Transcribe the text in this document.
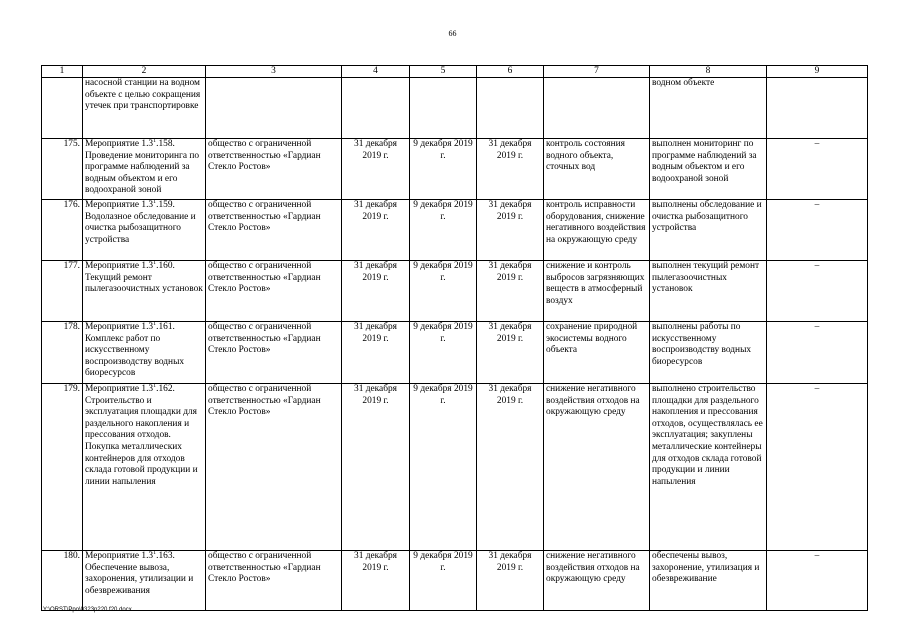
66
1	2	3	4	5	6	7	8	9
	насосной станции на водном объекте с целью сокращения утечек при транспортировке						водном объекте	
175.	Мероприятие $1.3^1.158$. Проведение мониторинга по программе наблюдений за водным объектом и его водоохраной зоной	общество с ограниченной ответственностью «Гардиан Стекло Ростов»	31 декабря 2019 г.	9 декабря 2019 г.	31 декабря 2019 г.	контроль состояния водного объекта, сточных вод	выполнен мониторинг по программе наблюдений за водным объектом и его водоохраной зоной	–
176.	Мероприятие $1.3^1.159$. Водолазное обследование и очистка рыбозащитного устройства	общество с ограниченной ответственностью «Гардиан Стекло Ростов»	31 декабря 2019 г.	9 декабря 2019 г.	31 декабря 2019 г.	контроль исправности оборудования, снижение негативного воздействия на окружающую среду	выполнены обследование и очистка рыбозащитного устройства	–
177.	Мероприятие $1.3^1.160$. Текущий ремонт пылегазоочистных установок	общество с ограниченной ответственностью «Гардиан Стекло Ростов»	31 декабря 2019 г.	9 декабря 2019 г.	31 декабря 2019 г.	снижение и контроль выбросов загрязняющих веществ в атмосферный воздух	выполнен текущий ремонт пылегазоочистных установок	–
178.	Мероприятие $1.3^1.161$. Комплекс работ по искусственному воспроизводству водных биоресурсов	общество с ограниченной ответственностью «Гардиан Стекло Ростов»	31 декабря 2019 г.	9 декабря 2019 г.	31 декабря 2019 г.	сохранение природной экосистемы водного объекта	выполнены работы по искусственному воспроизводству водных биоресурсов	–
179.	Мероприятие $1.3^1.162$. Строительство и эксплуатация площадки для раздельного накопления и прессования отходов. Покупка металлических контейнеров для отходов склада готовой продукции и линии напыления	общество с ограниченной ответственностью «Гардиан Стекло Ростов»	31 декабря 2019 г.	9 декабря 2019 г.	31 декабря 2019 г.	снижение негативного воздействия отходов на окружающую среду	выполнено строительство площадки для раздельного накопления и прессования отходов, осуществлялась ее эксплуатация; закуплены металлические контейнеры для отходов склада готовой продукции и линии напыления	–
180.	Мероприятие $1.3^1.163$. Обеспечение вывоза, захоронения, утилизации и обезвреживания	общество с ограниченной ответственностью «Гардиан Стекло Ростов»	31 декабря 2019 г.	9 декабря 2019 г.	31 декабря 2019 г.	снижение негативного воздействия отходов на окружающую среду	обеспечены вывоз, захоронение, утилизация и обезвреживание	–
Y:\ORST\Ppo\0323p220.f20.docx
